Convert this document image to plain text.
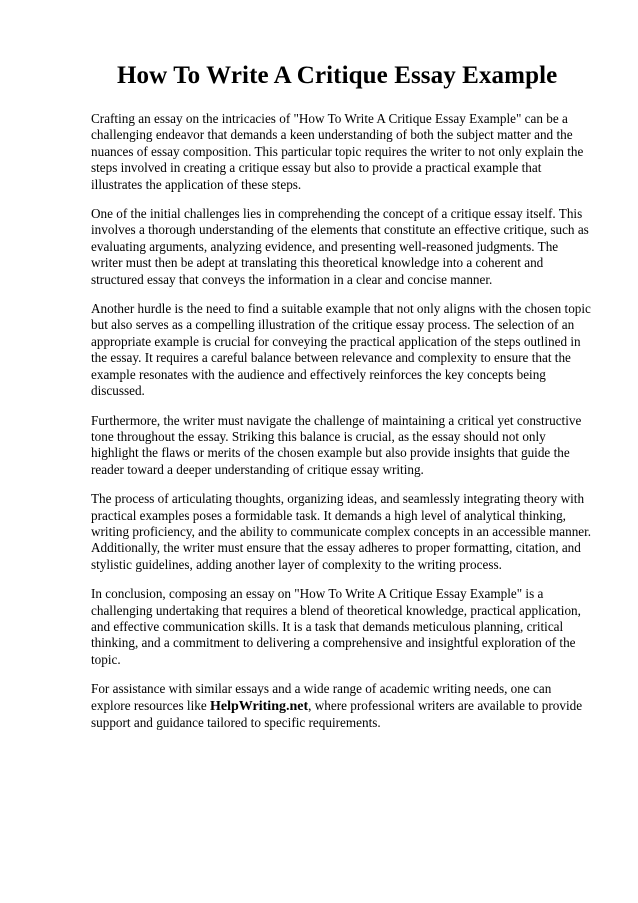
How To Write A Critique Essay Example

Crafting an essay on the intricacies of "How To Write A Critique Essay Example" can be a challenging endeavor that demands a keen understanding of both the subject matter and the nuances of essay composition. This particular topic requires the writer to not only explain the steps involved in creating a critique essay but also to provide a practical example that illustrates the application of these steps.

One of the initial challenges lies in comprehending the concept of a critique essay itself. This involves a thorough understanding of the elements that constitute an effective critique, such as evaluating arguments, analyzing evidence, and presenting well-reasoned judgments. The writer must then be adept at translating this theoretical knowledge into a coherent and structured essay that conveys the information in a clear and concise manner.

Another hurdle is the need to find a suitable example that not only aligns with the chosen topic but also serves as a compelling illustration of the critique essay process. The selection of an appropriate example is crucial for conveying the practical application of the steps outlined in the essay. It requires a careful balance between relevance and complexity to ensure that the example resonates with the audience and effectively reinforces the key concepts being discussed.

Furthermore, the writer must navigate the challenge of maintaining a critical yet constructive tone throughout the essay. Striking this balance is crucial, as the essay should not only highlight the flaws or merits of the chosen example but also provide insights that guide the reader toward a deeper understanding of critique essay writing.

The process of articulating thoughts, organizing ideas, and seamlessly integrating theory with practical examples poses a formidable task. It demands a high level of analytical thinking, writing proficiency, and the ability to communicate complex concepts in an accessible manner. Additionally, the writer must ensure that the essay adheres to proper formatting, citation, and stylistic guidelines, adding another layer of complexity to the writing process.

In conclusion, composing an essay on "How To Write A Critique Essay Example" is a challenging undertaking that requires a blend of theoretical knowledge, practical application, and effective communication skills. It is a task that demands meticulous planning, critical thinking, and a commitment to delivering a comprehensive and insightful exploration of the topic.

For assistance with similar essays and a wide range of academic writing needs, one can explore resources like HelpWriting.net, where professional writers are available to provide support and guidance tailored to specific requirements.
